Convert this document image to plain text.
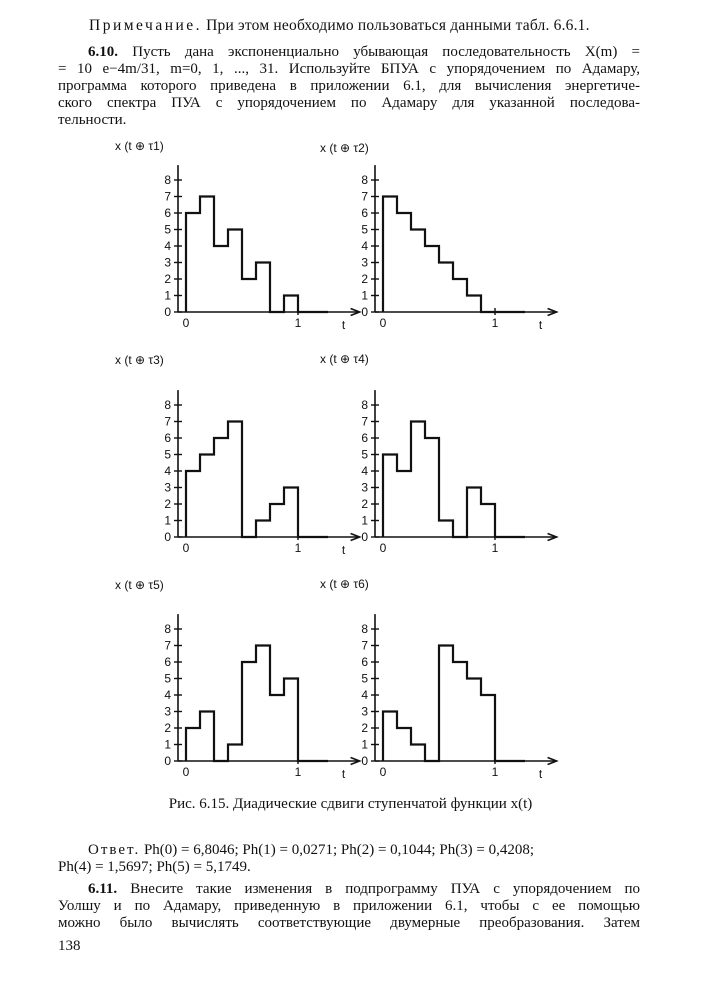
Примечание. При этом необходимо пользоваться данными табл. 6.6.1.

6.10. Пусть дана экспоненциально убывающая последовательность X(m) =
= 10 e−4m/31, m=0, 1, ..., 31. Используйте БПУА с упорядочением по Адамару,
программа которого приведена в приложении 6.1, для вычисления энергетиче-
ского спектра ПУА с упорядочением по Адамару для указанной последова-
тельности.
0
1
2
3
4
5
6
7
8
0	1	t
x (t ⊕ τ1)
0
1
2
3
4
5
6
7
8
0	1	t
x (t ⊕ τ2)
0
1
2
3
4
5
6
7
8
0	1	t
x (t ⊕ τ3)
0
1
2
3
4
5
6
7
8
0	1
x (t ⊕ τ4)
0
1
2
3
4
5
6
7
8
0	1	t
x (t ⊕ τ5)
0
1
2
3
4
5
6
7
8
0	1	t
x (t ⊕ τ6)

Рис. 6.15. Диадические сдвиги ступенчатой функции x(t)

Ответ. Ph(0) = 6,8046; Ph(1) = 0,0271; Ph(2) = 0,1044; Ph(3) = 0,4208;
Ph(4) = 1,5697; Ph(5) = 5,1749.
6.11. Внесите такие изменения в подпрограмму ПУА с упорядочением по
Уолшу и по Адамару, приведенную в приложении 6.1, чтобы с ее помощью
можно было вычислять соответствующие двумерные преобразования. Затем

138
